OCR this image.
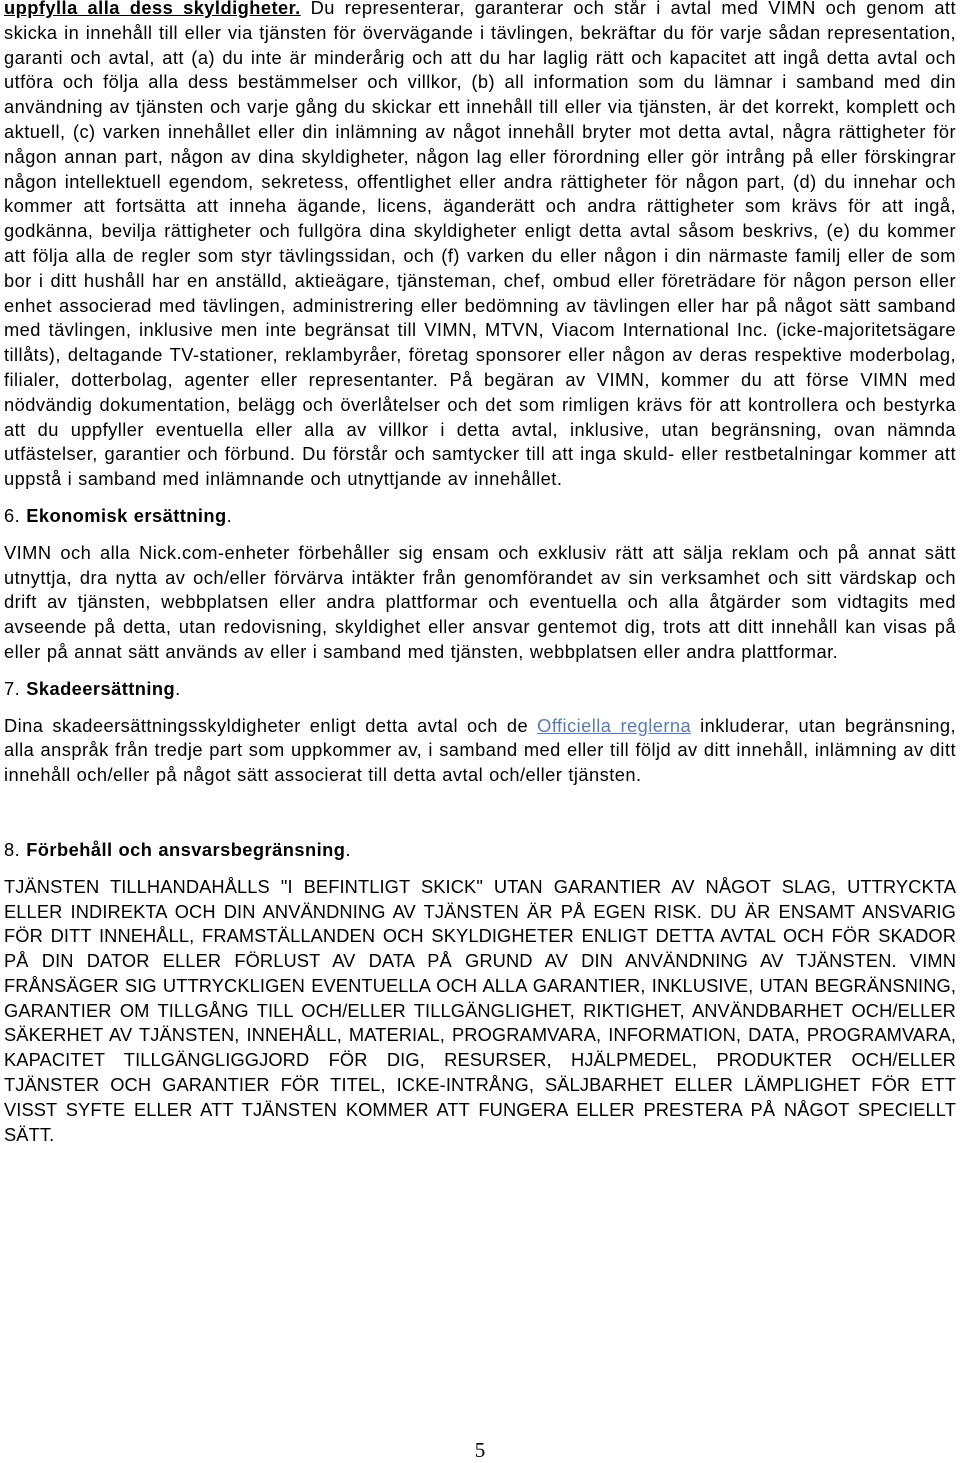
uppfylla alla dess skyldigheter. Du representerar, garanterar och står i avtal med VIMN och genom att skicka in innehåll till eller via tjänsten för övervägande i tävlingen, bekräftar du för varje sådan representation, garanti och avtal, att (a) du inte är minderårig och att du har laglig rätt och kapacitet att ingå detta avtal och utföra och följa alla dess bestämmelser och villkor, (b) all information som du lämnar i samband med din användning av tjänsten och varje gång du skickar ett innehåll till eller via tjänsten, är det korrekt, komplett och aktuell, (c) varken innehållet eller din inlämning av något innehåll bryter mot detta avtal, några rättigheter för någon annan part, någon av dina skyldigheter, någon lag eller förordning eller gör intrång på eller förskingrar någon intellektuell egendom, sekretess, offentlighet eller andra rättigheter för någon part, (d) du innehar och kommer att fortsätta att inneha ägande, licens, äganderätt och andra rättigheter som krävs för att ingå, godkänna, bevilja rättigheter och fullgöra dina skyldigheter enligt detta avtal såsom beskrivs, (e) du kommer att följa alla de regler som styr tävlingssidan, och (f) varken du eller någon i din närmaste familj eller de som bor i ditt hushåll har en anställd, aktieägare, tjänsteman, chef, ombud eller företrädare för någon person eller enhet associerad med tävlingen, administrering eller bedömning av tävlingen eller har på något sätt samband med tävlingen, inklusive men inte begränsat till VIMN, MTVN, Viacom International Inc. (icke-majoritetsägare tillåts), deltagande TV-stationer, reklambyråer, företag sponsorer eller någon av deras respektive moderbolag, filialer, dotterbolag, agenter eller representanter. På begäran av VIMN, kommer du att förse VIMN med nödvändig dokumentation, belägg och överlåtelser och det som rimligen krävs för att kontrollera och bestyrka att du uppfyller eventuella eller alla av villkor i detta avtal, inklusive, utan begränsning, ovan nämnda utfästelser, garantier och förbund. Du förstår och samtycker till att inga skuld- eller restbetalningar kommer att uppstå i samband med inlämnande och utnyttjande av innehållet.

6. Ekonomisk ersättning.

VIMN och alla Nick.com-enheter förbehåller sig ensam och exklusiv rätt att sälja reklam och på annat sätt utnyttja, dra nytta av och/eller förvärva intäkter från genomförandet av sin verksamhet och sitt värdskap och drift av tjänsten, webbplatsen eller andra plattformar och eventuella och alla åtgärder som vidtagits med avseende på detta, utan redovisning, skyldighet eller ansvar gentemot dig, trots att ditt innehåll kan visas på eller på annat sätt används av eller i samband med tjänsten, webbplatsen eller andra plattformar.

7. Skadeersättning.

Dina skadeersättningsskyldigheter enligt detta avtal och de Officiella reglerna inkluderar, utan begränsning, alla anspråk från tredje part som uppkommer av, i samband med eller till följd av ditt innehåll, inlämning av ditt innehåll och/eller på något sätt associerat till detta avtal och/eller tjänsten.

8. Förbehåll och ansvarsbegränsning.

TJÄNSTEN TILLHANDAHÅLLS "I BEFINTLIGT SKICK" UTAN GARANTIER AV NÅGOT SLAG, UTTRYCKTA ELLER INDIREKTA OCH DIN ANVÄNDNING AV TJÄNSTEN ÄR PÅ EGEN RISK. DU ÄR ENSAMT ANSVARIG FÖR DITT INNEHÅLL, FRAMSTÄLLANDEN OCH SKYLDIGHETER ENLIGT DETTA AVTAL OCH FÖR SKADOR PÅ DIN DATOR ELLER FÖRLUST AV DATA PÅ GRUND AV DIN ANVÄNDNING AV TJÄNSTEN. VIMN FRÅNSÄGER SIG UTTRYCKLIGEN EVENTUELLA OCH ALLA GARANTIER, INKLUSIVE, UTAN BEGRÄNSNING, GARANTIER OM TILLGÅNG TILL OCH/ELLER TILLGÄNGLIGHET, RIKTIGHET, ANVÄNDBARHET OCH/ELLER SÄKERHET AV TJÄNSTEN, INNEHÅLL, MATERIAL, PROGRAMVARA, INFORMATION, DATA, PROGRAMVARA, KAPACITET TILLGÄNGLIGGJORD FÖR DIG, RESURSER, HJÄLPMEDEL, PRODUKTER OCH/ELLER TJÄNSTER OCH GARANTIER FÖR TITEL, ICKE-INTRÅNG, SÄLJBARHET ELLER LÄMPLIGHET FÖR ETT VISST SYFTE ELLER ATT TJÄNSTEN KOMMER ATT FUNGERA ELLER PRESTERA PÅ NÅGOT SPECIELLT SÄTT.

5
